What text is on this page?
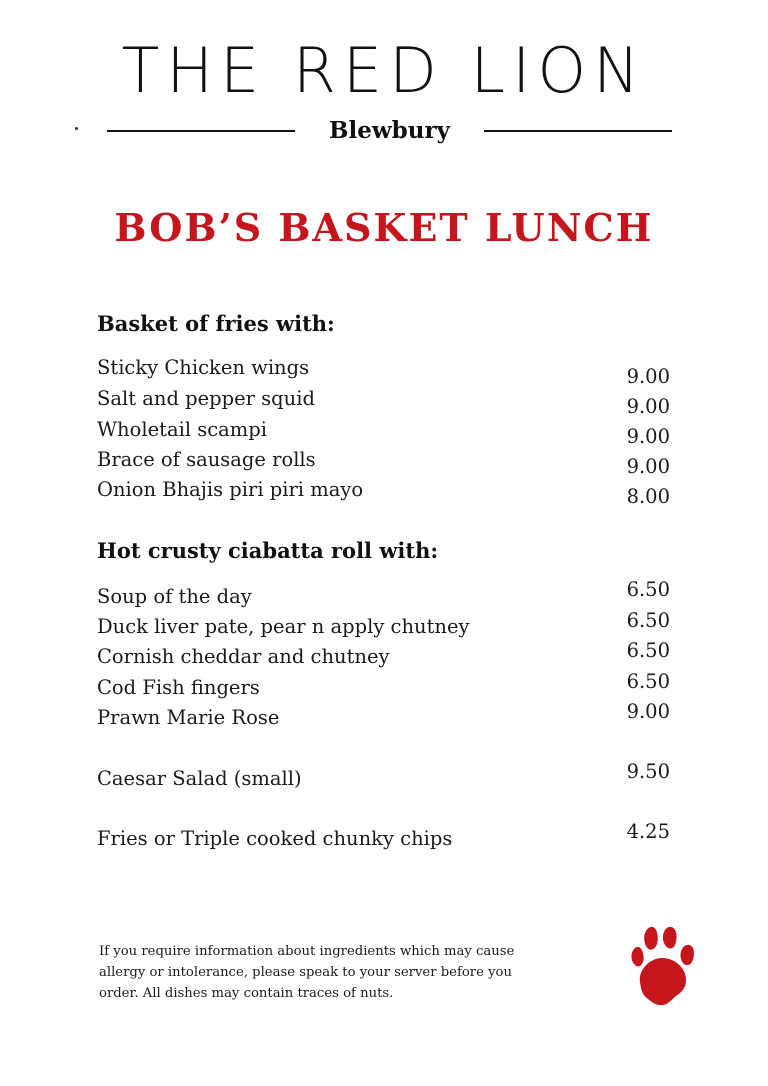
THE RED LION
Blewbury
BOB’S BASKET LUNCH
Basket of fries with:
Sticky Chicken wings	9.00
Salt and pepper squid	9.00
Wholetail scampi	9.00
Brace of sausage rolls	9.00
Onion Bhajis piri piri mayo	8.00
Hot crusty ciabatta roll with:
Soup of the day	6.50
Duck liver pate, pear n apply chutney	6.50
Cornish cheddar and chutney	6.50
Cod Fish fingers	6.50
Prawn Marie Rose	9.00
Caesar Salad (small)	9.50
Fries or Triple cooked chunky chips	4.25
If you require information about ingredients which may cause
allergy or intolerance, please speak to your server before you
order. All dishes may contain traces of nuts.
